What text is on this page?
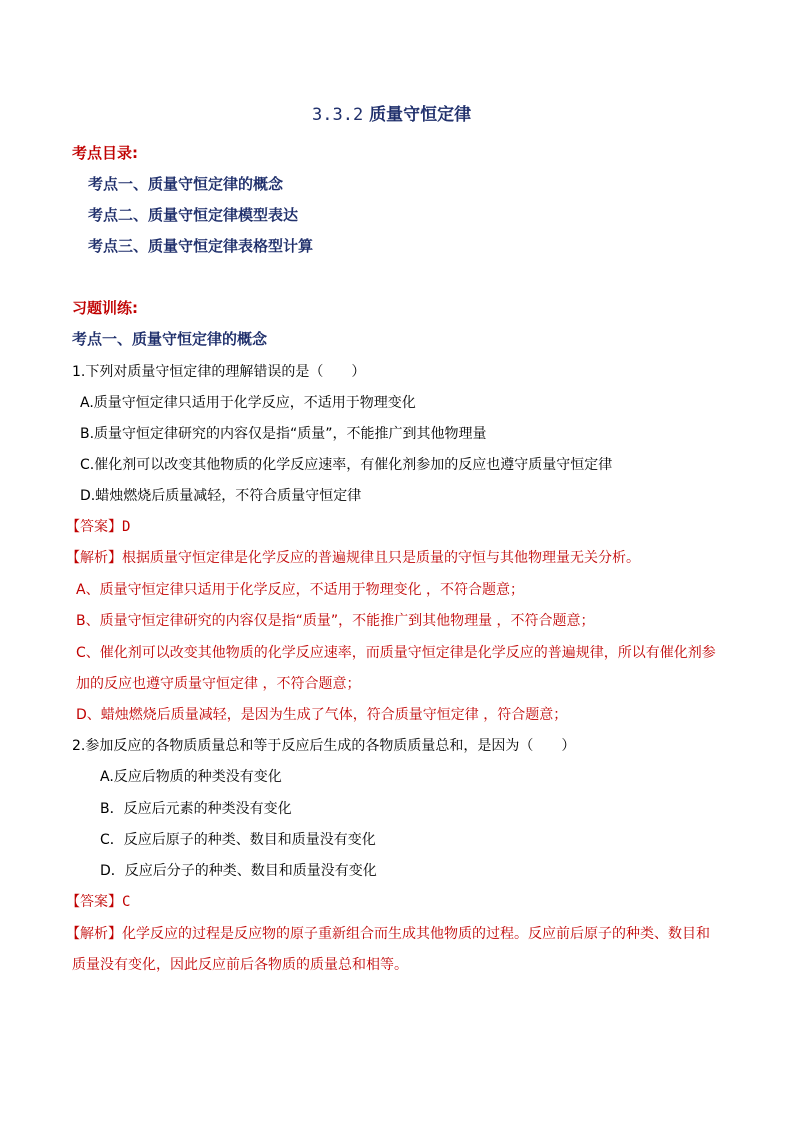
3.3.2 质量守恒定律
考点目录:
考点一、质量守恒定律的概念
考点二、质量守恒定律模型表达
考点三、质量守恒定律表格型计算
习题训练:
考点一、质量守恒定律的概念
1.下列对质量守恒定律的理解错误的是（　　）
A.质量守恒定律只适用于化学反应，不适用于物理变化
B.质量守恒定律研究的内容仅是指“质量”，不能推广到其他物理量
C.催化剂可以改变其他物质的化学反应速率，有催化剂参加的反应也遵守质量守恒定律
D.蜡烛燃烧后质量减轻，不符合质量守恒定律
【答案】D
【解析】根据质量守恒定律是化学反应的普遍规律且只是质量的守恒与其他物理量无关分析。
A、质量守恒定律只适用于化学反应，不适用于物理变化 ，不符合题意；
B、质量守恒定律研究的内容仅是指“质量”，不能推广到其他物理量 ，不符合题意；
C、催化剂可以改变其他物质的化学反应速率，而质量守恒定律是化学反应的普遍规律，所以有催化剂参
加的反应也遵守质量守恒定律 ，不符合题意；
D、蜡烛燃烧后质量减轻，是因为生成了气体，符合质量守恒定律 ，符合题意；
2.参加反应的各物质质量总和等于反应后生成的各物质质量总和，是因为（　　）
A.反应后物质的种类没有变化
B．反应后元素的种类没有变化
C．反应后原子的种类、数目和质量没有变化
D．反应后分子的种类、数目和质量没有变化
【答案】C
【解析】化学反应的过程是反应物的原子重新组合而生成其他物质的过程。反应前后原子的种类、数目和
质量没有变化，因此反应前后各物质的质量总和相等。
